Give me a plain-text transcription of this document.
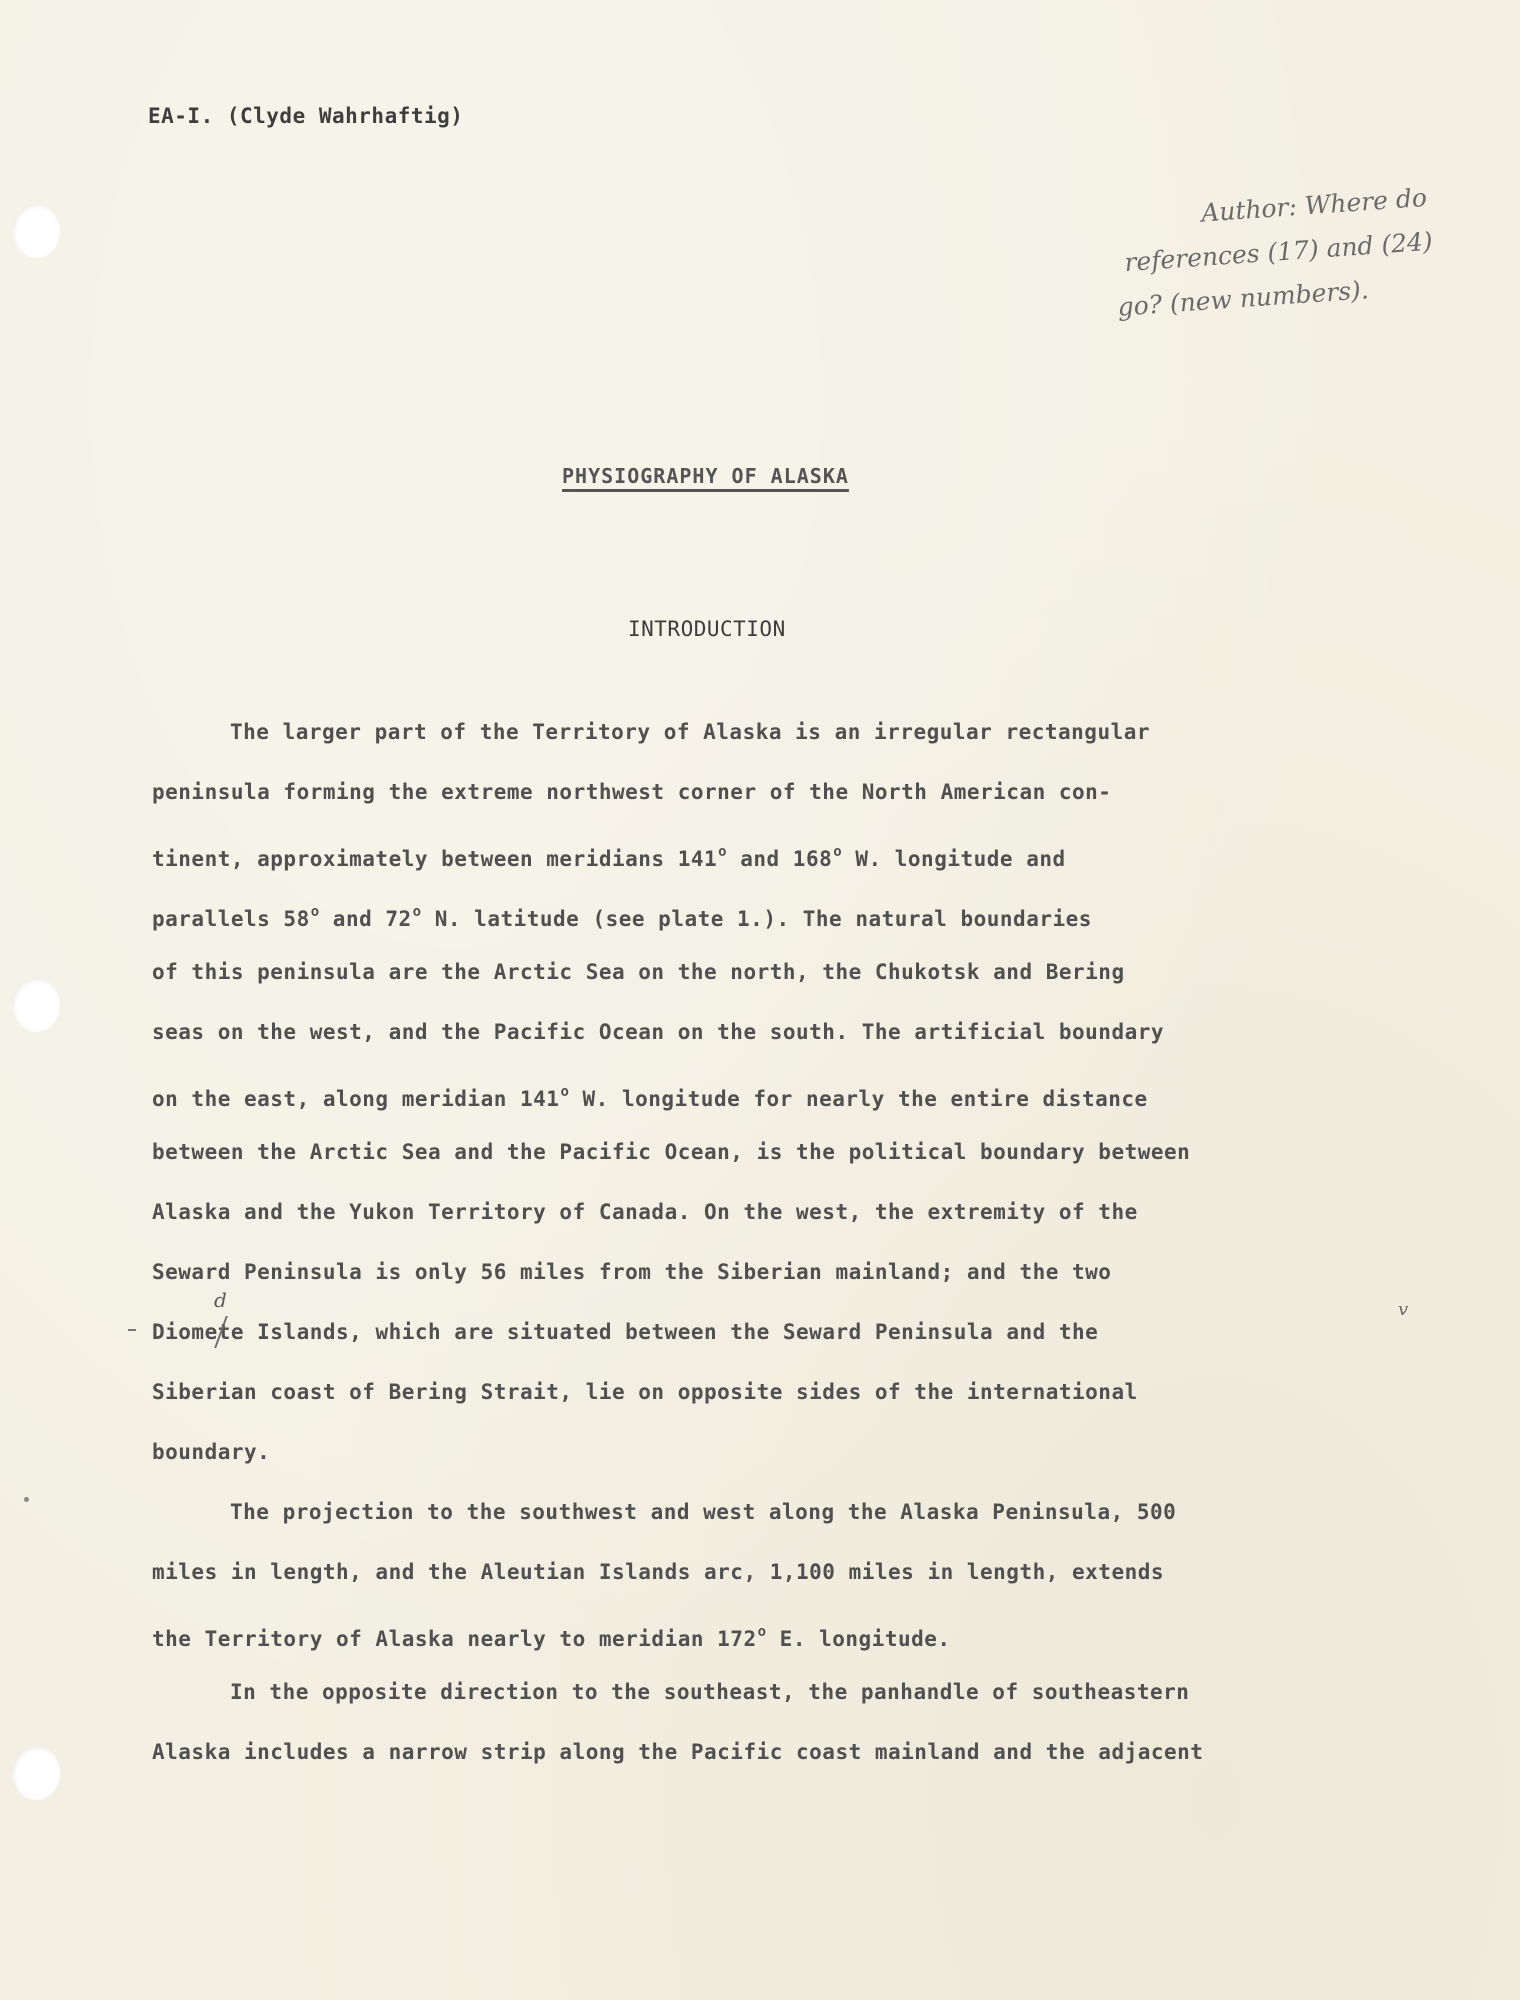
EA-I. (Clyde Wahrhaftig)
Author: Where do
references (17) and (24)
go? (new numbers).
PHYSIOGRAPHY OF ALASKA
INTRODUCTION
The larger part of the Territory of Alaska is an irregular rectangular
peninsula forming the extreme northwest corner of the North American con-
tinent, approximately between meridians 141$^o$ and 168$^o$ W. longitude and
parallels 58$^o$ and 72$^o$ N. latitude (see plate 1.). The natural boundaries
of this peninsula are the Arctic Sea on the north, the Chukotsk and Bering
seas on the west, and the Pacific Ocean on the south. The artificial boundary
on the east, along meridian 141$^o$ W. longitude for nearly the entire distance
between the Arctic Sea and the Pacific Ocean, is the political boundary between
Alaska and the Yukon Territory of Canada. On the west, the extremity of the
Seward Peninsula is only 56 miles from the Siberian mainland; and the two
Diomet
d
e Islands, which are situated between the Seward Peninsula and the
Siberian coast of Bering Strait, lie on opposite sides of the international
boundary.
The projection to the southwest and west along the Alaska Peninsula, 500
miles in length, and the Aleutian Islands arc, 1,100 miles in length, extends
the Territory of Alaska nearly to meridian 172$^o$ E. longitude.
In the opposite direction to the southeast, the panhandle of southeastern
Alaska includes a narrow strip along the Pacific coast mainland and the adjacent
v
